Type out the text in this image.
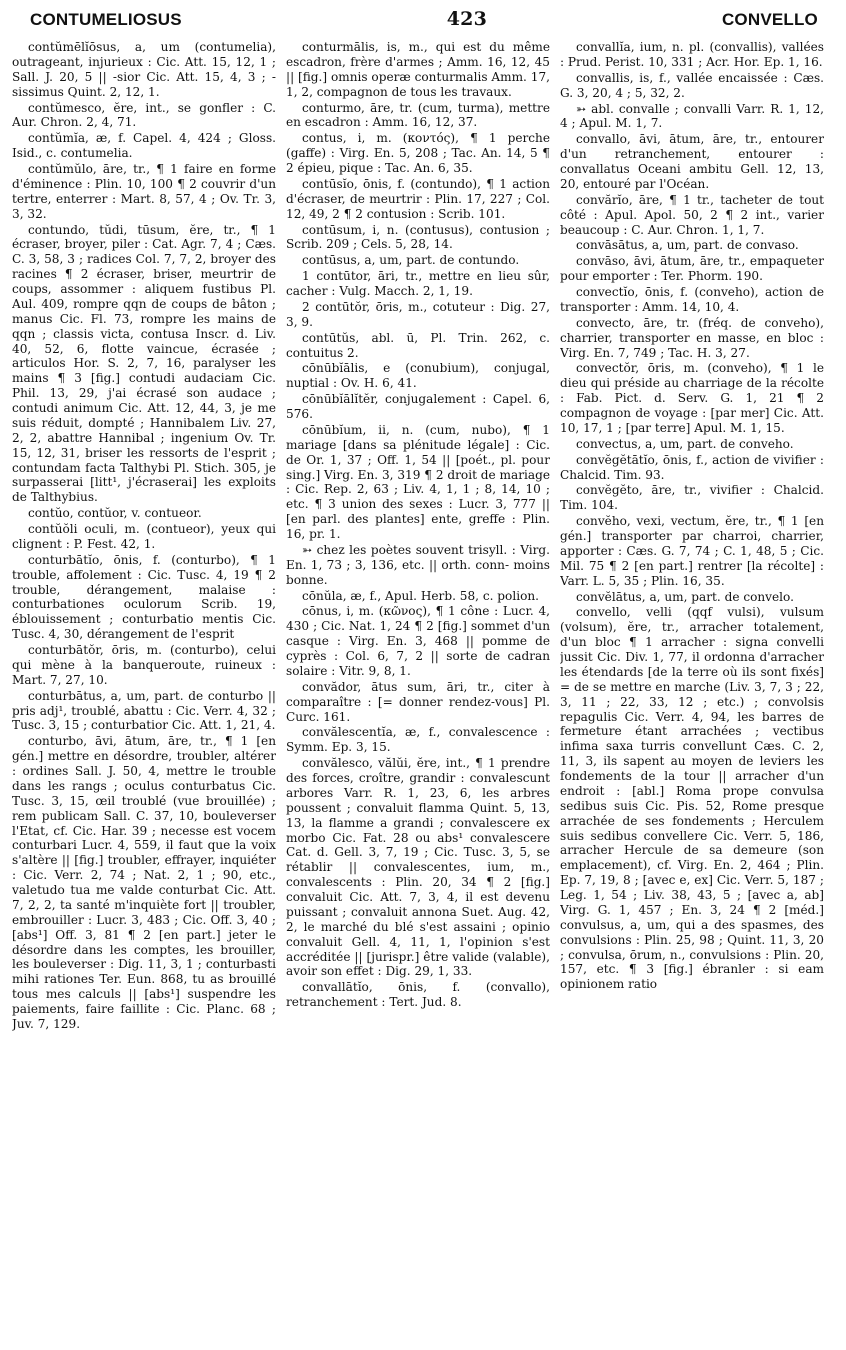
CONTUMELIOSUS	423	CONVELLO

contŭmēlĭōsus, a, um (contumelia), outrageant, injurieux : Cic. Att. 15, 12, 1 ; Sall. J. 20, 5 || -sior Cic. Att. 15, 4, 3 ; -sissimus Quint. 2, 12, 1.

contŭmesco, ĕre, int., se gonfler : C. Aur. Chron. 2, 4, 71.

contŭmĭa, æ, f. Capel. 4, 424 ; Gloss. Isid., c. contumelia.

contŭmŭlo, āre, tr., ¶ 1 faire en forme d'éminence : Plin. 10, 100 ¶ 2 couvrir d'un tertre, enterrer : Mart. 8, 57, 4 ; Ov. Tr. 3, 3, 32.

contundo, tŭdi, tūsum, ĕre, tr., ¶ 1 écraser, broyer, piler : Cat. Agr. 7, 4 ; Cæs. C. 3, 58, 3 ; radices Col. 7, 7, 2, broyer des racines ¶ 2 écraser, briser, meurtrir de coups, assommer : aliquem fustibus Pl. Aul. 409, rompre qqn de coups de bâton ; manus Cic. Fl. 73, rompre les mains de qqn ; classis victa, contusa Inscr. d. Liv. 40, 52, 6, flotte vaincue, écrasée ; articulos Hor. S. 2, 7, 16, paralyser les mains ¶ 3 [fig.] contudi audaciam Cic. Phil. 13, 29, j'ai écrasé son audace ; contudi animum Cic. Att. 12, 44, 3, je me suis réduit, dompté ; Hannibalem Liv. 27, 2, 2, abattre Hannibal ; ingenium Ov. Tr. 15, 12, 31, briser les ressorts de l'esprit ; contundam facta Talthybi Pl. Stich. 305, je surpasserai [litt¹, j'écraserai] les exploits de Talthybius.

contŭo, contŭor, v. contueor.

contŭŏli oculi, m. (contueor), yeux qui clignent : P. Fest. 42, 1.

conturbātĭo, ōnis, f. (conturbo), ¶ 1 trouble, affolement : Cic. Tusc. 4, 19 ¶ 2 trouble, dérangement, malaise : conturbationes oculorum Scrib. 19, éblouissement ; conturbatio mentis Cic. Tusc. 4, 30, dérangement de l'esprit

conturbātŏr, ōris, m. (conturbo), celui qui mène à la banqueroute, ruineux : Mart. 7, 27, 10.

conturbātus, a, um, part. de conturbo || pris adj¹, troublé, abattu : Cic. Verr. 4, 32 ; Tusc. 3, 15 ; conturbatior Cic. Att. 1, 21, 4.

conturbo, āvi, ātum, āre, tr., ¶ 1 [en gén.] mettre en désordre, troubler, altérer : ordines Sall. J. 50, 4, mettre le trouble dans les rangs ; oculus conturbatus Cic. Tusc. 3, 15, œil troublé (vue brouillée) ; rem publicam Sall. C. 37, 10, bouleverser l'Etat, cf. Cic. Har. 39 ; necesse est vocem conturbari Lucr. 4, 559, il faut que la voix s'altère || [fig.] troubler, effrayer, inquiéter : Cic. Verr. 2, 74 ; Nat. 2, 1 ; 90, etc., valetudo tua me valde conturbat Cic. Att. 7, 2, 2, ta santé m'inquiète fort || troubler, embrouiller : Lucr. 3, 483 ; Cic. Off. 3, 40 ; [abs¹] Off. 3, 81 ¶ 2 [en part.] jeter le désordre dans les comptes, les brouiller, les bouleverser : Dig. 11, 3, 1 ; conturbasti mihi rationes Ter. Eun. 868, tu as brouillé tous mes calculs || [abs¹] suspendre les paiements, faire faillite : Cic. Planc. 68 ; Juv. 7, 129.

conturmālis, is, m., qui est du même escadron, frère d'armes ; Amm. 16, 12, 45 || [fig.] omnis operæ conturmalis Amm. 17, 1, 2, compagnon de tous les travaux.

conturmo, āre, tr. (cum, turma), mettre en escadron : Amm. 16, 12, 37.

contus, i, m. (κοντός), ¶ 1 perche (gaffe) : Virg. En. 5, 208 ; Tac. An. 14, 5 ¶ 2 épieu, pique : Tac. An. 6, 35.

contūsĭo, ōnis, f. (contundo), ¶ 1 action d'écraser, de meurtrir : Plin. 17, 227 ; Col. 12, 49, 2 ¶ 2 contusion : Scrib. 101.

contūsum, i, n. (contusus), contusion ; Scrib. 209 ; Cels. 5, 28, 14.

contūsus, a, um, part. de contundo.

1 contūtor, āri, tr., mettre en lieu sûr, cacher : Vulg. Macch. 2, 1, 19.

2 contūtŏr, ōris, m., cotuteur : Dig. 27, 3, 9.

contūtŭs, abl. ū, Pl. Trin. 262, c. contuitus 2.

cōnūbĭālis, e (conubium), conjugal, nuptial : Ov. H. 6, 41.

cōnūbĭālĭtĕr, conjugalement : Capel. 6, 576.

cōnūbĭum, ii, n. (cum, nubo), ¶ 1 mariage [dans sa plénitude légale] : Cic. de Or. 1, 37 ; Off. 1, 54 || [poét., pl. pour sing.] Virg. En. 3, 319 ¶ 2 droit de mariage : Cic. Rep. 2, 63 ; Liv. 4, 1, 1 ; 8, 14, 10 ; etc. ¶ 3 union des sexes : Lucr. 3, 777 || [en parl. des plantes] ente, greffe : Plin. 16, pr. 1.

➳ chez les poètes souvent trisyll. : Virg. En. 1, 73 ; 3, 136, etc. || orth. conn- moins bonne.

cōnŭla, æ, f., Apul. Herb. 58, c. polion.

cōnus, i, m. (κῶνος), ¶ 1 cône : Lucr. 4, 430 ; Cic. Nat. 1, 24 ¶ 2 [fig.] sommet d'un casque : Virg. En. 3, 468 || pomme de cyprès : Col. 6, 7, 2 || sorte de cadran solaire : Vitr. 9, 8, 1.

convădor, ātus sum, āri, tr., citer à comparaître : [= donner rendez-vous] Pl. Curc. 161.

convălescentĭa, æ, f., convalescence : Symm. Ep. 3, 15.

convălesco, vălŭi, ĕre, int., ¶ 1 prendre des forces, croître, grandir : convalescunt arbores Varr. R. 1, 23, 6, les arbres poussent ; convaluit flamma Quint. 5, 13, 13, la flamme a grandi ; convalescere ex morbo Cic. Fat. 28 ou abs¹ convalescere Cat. d. Gell. 3, 7, 19 ; Cic. Tusc. 3, 5, se rétablir || convalescentes, ium, m., convalescents : Plin. 20, 34 ¶ 2 [fig.] convaluit Cic. Att. 7, 3, 4, il est devenu puissant ; convaluit annona Suet. Aug. 42, 2, le marché du blé s'est assaini ; opinio convaluit Gell. 4, 11, 1, l'opinion s'est accréditée || [jurispr.] être valide (valable), avoir son effet : Dig. 29, 1, 33.

convallātĭo, ōnis, f. (convallo), retranchement : Tert. Jud. 8.

convallĭa, ium, n. pl. (convallis), vallées : Prud. Perist. 10, 331 ; Acr. Hor. Ep. 1, 16.

convallis, is, f., vallée encaissée : Cæs. G. 3, 20, 4 ; 5, 32, 2.

➳ abl. convalle ; convalli Varr. R. 1, 12, 4 ; Apul. M. 1, 7.

convallo, āvi, ātum, āre, tr., entourer d'un retranchement, entourer : convallatus Oceani ambitu Gell. 12, 13, 20, entouré par l'Océan.

convărĭo, āre, ¶ 1 tr., tacheter de tout côté : Apul. Apol. 50, 2 ¶ 2 int., varier beaucoup : C. Aur. Chron. 1, 1, 7.

convāsātus, a, um, part. de convaso.

convāso, āvi, ātum, āre, tr., empaqueter pour emporter : Ter. Phorm. 190.

convectĭo, ōnis, f. (conveho), action de transporter : Amm. 14, 10, 4.

convecto, āre, tr. (fréq. de conveho), charrier, transporter en masse, en bloc : Virg. En. 7, 749 ; Tac. H. 3, 27.

convectŏr, ōris, m. (conveho), ¶ 1 le dieu qui préside au charriage de la récolte : Fab. Pict. d. Serv. G. 1, 21 ¶ 2 compagnon de voyage : [par mer] Cic. Att. 10, 17, 1 ; [par terre] Apul. M. 1, 15.

convectus, a, um, part. de conveho.

convĕgĕtātĭo, ōnis, f., action de vivifier : Chalcid. Tim. 93.

convĕgĕto, āre, tr., vivifier : Chalcid. Tim. 104.

convĕho, vexi, vectum, ĕre, tr., ¶ 1 [en gén.] transporter par charroi, charrier, apporter : Cæs. G. 7, 74 ; C. 1, 48, 5 ; Cic. Mil. 75 ¶ 2 [en part.] rentrer [la récolte] : Varr. L. 5, 35 ; Plin. 16, 35.

convĕlātus, a, um, part. de convelo.

convello, velli (qqf vulsi), vulsum (volsum), ĕre, tr., arracher totalement, d'un bloc ¶ 1 arracher : signa convelli jussit Cic. Div. 1, 77, il ordonna d'arracher les étendards [de la terre où ils sont fixés] = de se mettre en marche (Liv. 3, 7, 3 ; 22, 3, 11 ; 22, 33, 12 ; etc.) ; convolsis repagulis Cic. Verr. 4, 94, les barres de fermeture étant arrachées ; vectibus infima saxa turris convellunt Cæs. C. 2, 11, 3, ils sapent au moyen de leviers les fondements de la tour || arracher d'un endroit : [abl.] Roma prope convulsa sedibus suis Cic. Pis. 52, Rome presque arrachée de ses fondements ; Herculem suis sedibus convellere Cic. Verr. 5, 186, arracher Hercule de sa demeure (son emplacement), cf. Virg. En. 2, 464 ; Plin. Ep. 7, 19, 8 ; [avec e, ex] Cic. Verr. 5, 187 ; Leg. 1, 54 ; Liv. 38, 43, 5 ; [avec a, ab] Virg. G. 1, 457 ; En. 3, 24 ¶ 2 [méd.] convulsus, a, um, qui a des spasmes, des convulsions : Plin. 25, 98 ; Quint. 11, 3, 20 ; convulsa, ōrum, n., convulsions : Plin. 20, 157, etc. ¶ 3 [fig.] ébranler : si eam opinionem ratio
